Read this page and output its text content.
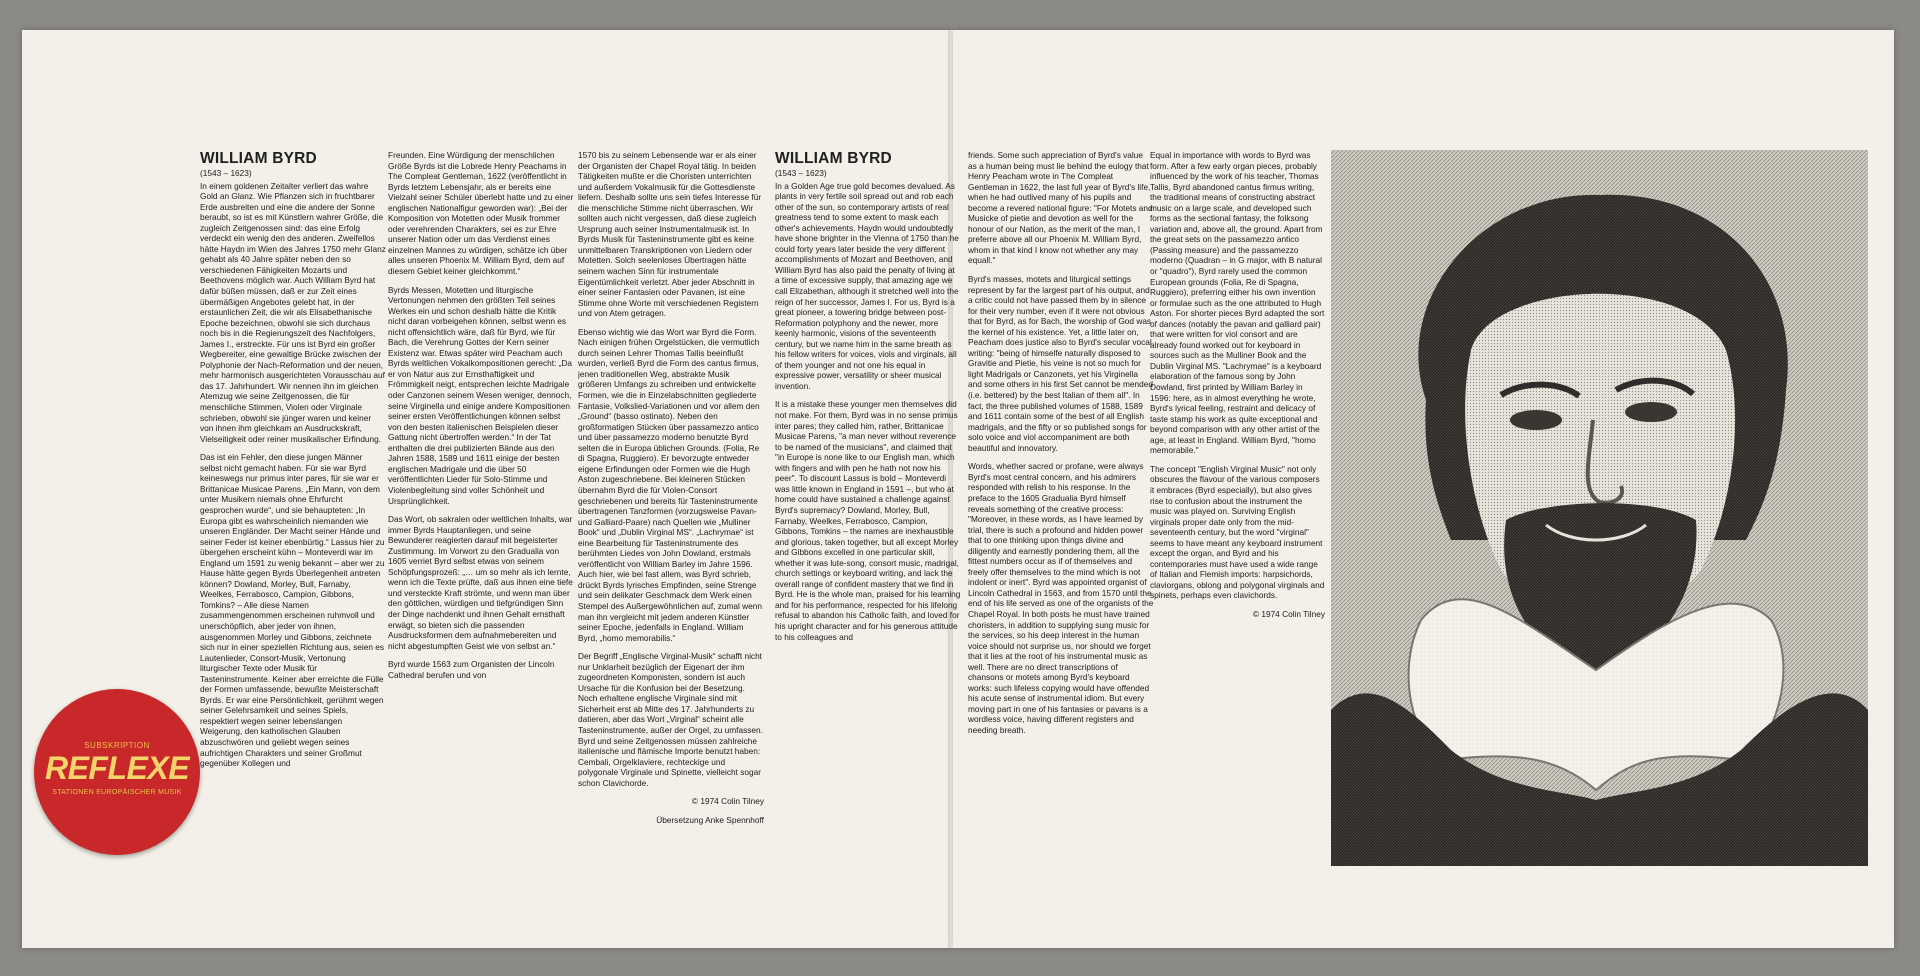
WILLIAM BYRD
(1543 – 1623)

In einem goldenen Zeitalter verliert das wahre Gold an Glanz. Wie Pflanzen sich in fruchtbarer Erde ausbreiten und eine die andere der Sonne beraubt, so ist es mit Künstlern wahrer Größe, die zugleich Zeitgenossen sind: das eine Erfolg verdeckt ein wenig den des anderen. Zweifellos hätte Haydn im Wien des Jahres 1750 mehr Glanz gehabt als 40 Jahre später neben den so verschiedenen Fähigkeiten Mozarts und Beethovens möglich war. Auch William Byrd hat dafür büßen müssen, daß er zur Zeit eines übermäßigen Angebotes gelebt hat, in der erstaunlichen Zeit, die wir als Elisabethanische Epoche bezeichnen, obwohl sie sich durchaus noch bis in die Regierungszeit des Nachfolgers, James I., erstreckte. Für uns ist Byrd ein großer Wegbereiter, eine gewaltige Brücke zwischen der Polyphonie der Nach-Reformation und der neuen, mehr harmonisch ausgerichteten Vorausschau auf das 17. Jahrhundert. Wir nennen ihn im gleichen Atemzug wie seine Zeitgenossen, die für menschliche Stimmen, Violen oder Virginale schrieben, obwohl sie jünger waren und keiner von ihnen ihm gleichkam an Ausdruckskraft, Vielseitigkeit oder reiner musikalischer Erfindung.

Das ist ein Fehler, den diese jungen Männer selbst nicht gemacht haben. Für sie war Byrd keineswegs nur primus inter pares, für sie war er Brittanicae Musicae Parens. „Ein Mann, von dem unter Musikern niemals ohne Ehrfurcht gesprochen wurde“, und sie behaupteten: „In Europa gibt es wahrscheinlich niemanden wie unseren Engländer. Der Macht seiner Hände und seiner Feder ist keiner ebenbürtig.“ Lassus hier zu übergehen erscheint kühn – Monteverdi war im England um 1591 zu wenig bekannt – aber wer zu Hause hätte gegen Byrds Überlegenheit antreten können? Dowland, Morley, Bull, Farnaby, Weelkes, Ferrabosco, Campion, Gibbons, Tomkins? – Alle diese Namen zusammengenommen erscheinen ruhmvoll und unerschöpflich, aber jeder von ihnen, ausgenommen Morley und Gibbons, zeichnete sich nur in einer speziellen Richtung aus, seien es Lautenlieder, Consort-Musik, Vertonung liturgischer Texte oder Musik für Tasteninstrumente. Keiner aber erreichte die Fülle der Formen umfassende, bewußte Meisterschaft Byrds. Er war eine Persönlichkeit, gerühmt wegen seiner Gelehrsamkeit und seines Spiels, respektiert wegen seiner lebenslangen Weigerung, den katholischen Glauben abzuschwören und geliebt wegen seines aufrichtigen Charakters und seiner Großmut gegenüber Kollegen und

Freunden. Eine Würdigung der menschlichen Größe Byrds ist die Lobrede Henry Peachams in The Compleat Gentleman, 1622 (veröffentlicht in Byrds letztem Lebensjahr, als er bereits eine Vielzahl seiner Schüler überlebt hatte und zu einer englischen Nationalfigur geworden war): „Bei der Komposition von Motetten oder Musik frommer oder verehrenden Charakters, sei es zur Ehre unserer Nation oder um das Verdienst eines einzelnen Mannes zu würdigen, schätze ich über alles unseren Phoenix M. William Byrd, dem auf diesem Gebiet keiner gleichkommt.“

Byrds Messen, Motetten und liturgische Vertonungen nehmen den größten Teil seines Werkes ein und schon deshalb hätte die Kritik nicht daran vorbeigehen können, selbst wenn es nicht offensichtlich wäre, daß für Byrd, wie für Bach, die Verehrung Gottes der Kern seiner Existenz war. Etwas später wird Peacham auch Byrds weltlichen Vokalkompositionen gerecht: „Da er von Natur aus zur Ernsthaftigkeit und Frömmigkeit neigt, entsprechen leichte Madrigale oder Canzonen seinem Wesen weniger, dennoch, seine Virginella und einige andere Kompositionen seiner ersten Veröffentlichungen können selbst von den besten italienischen Beispielen dieser Gattung nicht übertroffen werden.“ In der Tat enthalten die drei publizierten Bände aus den Jahren 1588, 1589 und 1611 einige der besten englischen Madrigale und die über 50 veröffentlichten Lieder für Solo-Stimme und Violenbegleitung sind voller Schönheit und Ursprünglichkeit.

Das Wort, ob sakralen oder weltlichen Inhalts, war immer Byrds Hauptanliegen, und seine Bewunderer reagierten darauf mit begeisterter Zustimmung. Im Vorwort zu den Gradualia von 1605 verriet Byrd selbst etwas von seinem Schöpfungsprozeß: „… um so mehr als ich lernte, wenn ich die Texte prüfte, daß aus ihnen eine tiefe und versteckte Kraft strömte, und wenn man über den göttlichen, würdigen und tiefgründigen Sinn der Dinge nachdenkt und ihnen Gehalt ernsthaft erwägt, so bieten sich die passenden Ausdrucksformen dem aufnahmebereiten und nicht abgestumpften Geist wie von selbst an.“

Byrd wurde 1563 zum Organisten der Lincoln Cathedral berufen und von

1570 bis zu seinem Lebensende war er als einer der Organisten der Chapel Royal tätig. In beiden Tätigkeiten mußte er die Choristen unterrichten und außerdem Vokalmusik für die Gottesdienste liefern. Deshalb sollte uns sein tiefes Interesse für die menschliche Stimme nicht überraschen. Wir sollten auch nicht vergessen, daß diese zugleich Ursprung auch seiner Instrumentalmusik ist. In Byrds Musik für Tasteninstrumente gibt es keine unmittelbaren Transkriptionen von Liedern oder Motetten. Solch seelenloses Übertragen hätte seinem wachen Sinn für instrumentale Eigentümlichkeit verletzt. Aber jeder Abschnitt in einer seiner Fantasien oder Pavanen, ist eine Stimme ohne Worte mit verschiedenen Registern und von Atem getragen.

Ebenso wichtig wie das Wort war Byrd die Form. Nach einigen frühen Orgelstücken, die vermutlich durch seinen Lehrer Thomas Tallis beeinflußt wurden, verließ Byrd die Form des cantus firmus, jenen traditionellen Weg, abstrakte Musik größeren Umfangs zu schreiben und entwickelte Formen, wie die in Einzelabschnitten gegliederte Fantasie, Volkslied-Variationen und vor allem den „Ground“ (basso ostinato). Neben den großformatigen Stücken über passamezzo antico und über passamezzo moderno benutzte Byrd selten die in Europa üblichen Grounds. (Folia, Re di Spagna, Ruggiero). Er bevorzugte entweder eigene Erfindungen oder Formen wie die Hugh Aston zugeschriebene. Bei kleineren Stücken übernahm Byrd die für Violen-Consort geschriebenen und bereits für Tasteninstrumente übertragenen Tanzformen (vorzugsweise Pavan- und Galliard-Paare) nach Quellen wie „Mulliner Book“ und „Dublin Virginal MS“. „Lachrymae“ ist eine Bearbeitung für Tasteninstrumente des berühmten Liedes von John Dowland, erstmals veröffentlicht von William Barley im Jahre 1596. Auch hier, wie bei fast allem, was Byrd schrieb, drückt Byrds lyrisches Empfinden, seine Strenge und sein delikater Geschmack dem Werk einen Stempel des Außergewöhnlichen auf, zumal wenn man ihn vergleicht mit jedem anderen Künstler seiner Epoche, jedenfalls in England. William Byrd, „homo memorabilis.“

Der Begriff „Englische Virginal-Musik“ schafft nicht nur Unklarheit bezüglich der Eigenart der ihm zugeordneten Komponisten, sondern ist auch Ursache für die Konfusion bei der Besetzung. Noch erhaltene englische Virginale sind mit Sicherheit erst ab Mitte des 17. Jahrhunderts zu datieren, aber das Wort „Virginal“ scheint alle Tasteninstrumente, außer der Orgel, zu umfassen. Byrd und seine Zeitgenossen müssen zahlreiche italienische und flämische Importe benutzt haben: Cembali, Orgelklaviere, rechteckige und polygonale Virginale und Spinette, vielleicht sogar schon Clavichorde.

© 1974 Colin Tilney
Übersetzung Anke Spennhoff
WILLIAM BYRD
(1543 – 1623)

In a Golden Age true gold becomes devalued. As plants in very fertile soil spread out and rob each other of the sun, so contemporary artists of real greatness tend to some extent to mask each other's achievements. Haydn would undoubtedly have shone brighter in the Vienna of 1750 than he could forty years later beside the very different accomplishments of Mozart and Beethoven, and William Byrd has also paid the penalty of living at a time of excessive supply, that amazing age we call Elizabethan, although it stretched well into the reign of her successor, James I. For us, Byrd is a great pioneer, a towering bridge between post-Reformation polyphony and the newer, more keenly harmonic, visions of the seventeenth century, but we name him in the same breath as his fellow writers for voices, viols and virginals, all of them younger and not one his equal in expressive power, versatility or sheer musical invention.

It is a mistake these younger men themselves did not make. For them, Byrd was in no sense primus inter pares; they called him, rather, Brittanicae Musicae Parens, "a man never without reverence to be named of the musicians", and claimed that "in Europe is none like to our English man, which with fingers and with pen he hath not now his peer". To discount Lassus is bold – Monteverdi was little known in England in 1591 –, but who at home could have sustained a challenge against Byrd's supremacy? Dowland, Morley, Bull, Farnaby, Weelkes, Ferrabosco, Campion, Gibbons, Tomkins – the names are inexhaustible and glorious, taken together, but all except Morley and Gibbons excelled in one particular skill, whether it was lute-song, consort music, madrigal, church settings or keyboard writing, and lack the overall range of confident mastery that we find in Byrd. He is the whole man, praised for his learning and for his performance, respected for his lifelong refusal to abandon his Catholic faith, and loved for his upright character and for his generous attitude to his colleagues and

friends. Some such appreciation of Byrd's value as a human being must lie behind the eulogy that Henry Peacham wrote in The Compleat Gentleman in 1622, the last full year of Byrd's life, when he had outlived many of his pupils and become a revered national figure: "For Motets and Musicke of pietie and devotion as well for the honour of our Nation, as the merit of the man, I preferre above all our Phoenix M. William Byrd, whom in that kind I know not whether any may equall."

Byrd's masses, motets and liturgical settings represent by far the largest part of his output, and a critic could not have passed them by in silence for their very number, even if it were not obvious that for Byrd, as for Bach, the worship of God was the kernel of his existence. Yet, a little later on, Peacham does justice also to Byrd's secular vocal writing: "being of himselfe naturally disposed to Gravitie and Pietie, his veine is not so much for light Madrigals or Canzonets, yet his Virginella and some others in his first Set cannot be mended (i.e. bettered) by the best Italian of them all". In fact, the three published volumes of 1588, 1589 and 1611 contain some of the best of all English madrigals, and the fifty or so published songs for solo voice and viol accompaniment are both beautiful and innovatory.

Words, whether sacred or profane, were always Byrd's most central concern, and his admirers responded with relish to his response. In the preface to the 1605 Gradualia Byrd himself reveals something of the creative process: "Moreover, in these words, as I have learned by trial, there is such a profound and hidden power that to one thinking upon things divine and diligently and earnestly pondering them, all the fittest numbers occur as if of themselves and freely offer themselves to the mind which is not indolent or inert". Byrd was appointed organist of Lincoln Cathedral in 1563, and from 1570 until the end of his life served as one of the organists of the Chapel Royal. In both posts he must have trained choristers, in addition to supplying sung music for the services, so his deep interest in the human voice should not surprise us, nor should we forget that it lies at the root of his instrumental music as well. There are no direct transcriptions of chansons or motets among Byrd's keyboard works: such lifeless copying would have offended his acute sense of instrumental idiom. But every moving part in one of his fantasies or pavans is a wordless voice, having different registers and needing breath.

Equal in importance with words to Byrd was form. After a few early organ pieces, probably influenced by the work of his teacher, Thomas Tallis, Byrd abandoned cantus firmus writing, the traditional means of constructing abstract music on a large scale, and developed such forms as the sectional fantasy, the folksong variation and, above all, the ground. Apart from the great sets on the passamezzo antico (Passing measure) and the passamezzo moderno (Quadran – in G major, with B natural or "quadro"), Byrd rarely used the common European grounds (Folia, Re di Spagna, Ruggiero), preferring either his own invention or formulae such as the one attributed to Hugh Aston. For shorter pieces Byrd adapted the sort of dances (notably the pavan and galliard pair) that were written for viol consort and are already found worked out for keyboard in sources such as the Mulliner Book and the Dublin Virginal MS. "Lachrymae" is a keyboard elaboration of the famous song by John Dowland, first printed by William Barley in 1596: here, as in almost everything he wrote, Byrd's lyrical feeling, restraint and delicacy of taste stamp his work as quite exceptional and beyond comparison with any other artist of the age, at least in England. William Byrd, "homo memorabile."

The concept "English Virginal Music" not only obscures the flavour of the various composers it embraces (Byrd especially), but also gives rise to confusion about the instrument the music was played on. Surviving English virginals proper date only from the mid-seventeenth century, but the word "virginal" seems to have meant any keyboard instrument except the organ, and Byrd and his contemporaries must have used a wide range of Italian and Flemish imports: harpsichords, claviorgans, oblong and polygonal virginals and spinets, perhaps even clavichords.

© 1974 Colin Tilney
SUBSKRIPTION
REFLEXE
STATIONEN EUROPÄISCHER MUSIK
